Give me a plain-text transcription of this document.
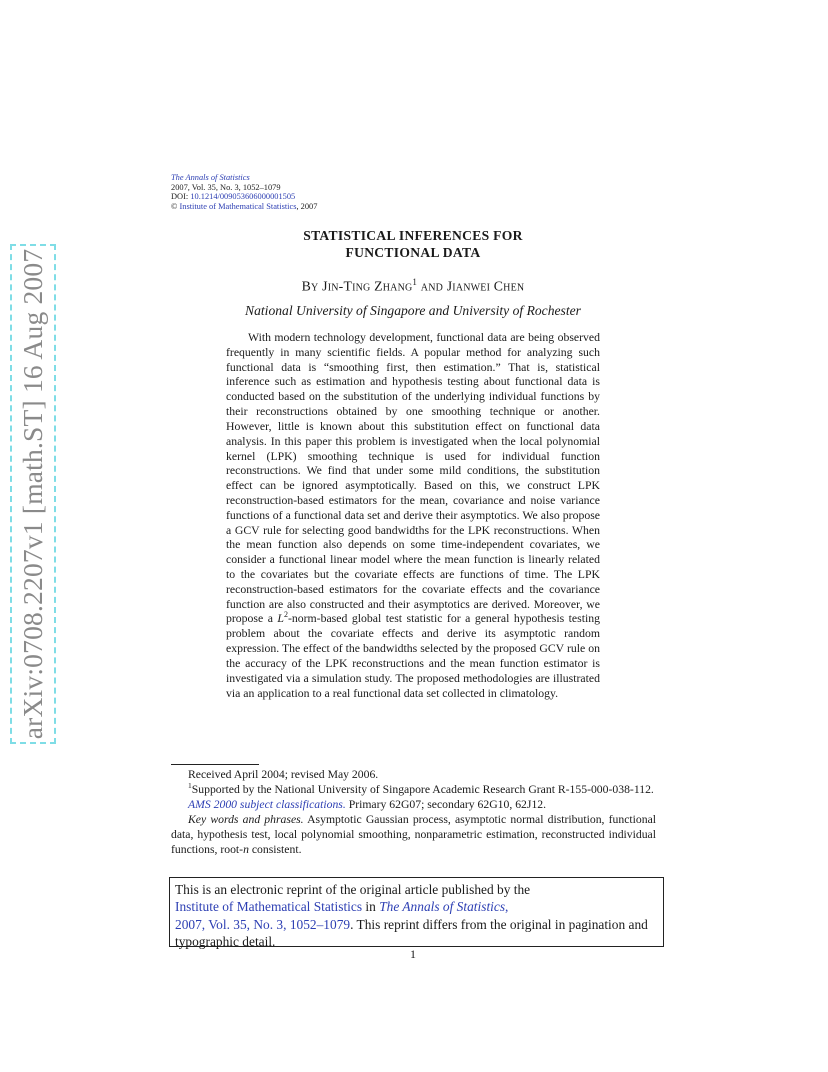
arXiv:0708.2207v1 [math.ST] 16 Aug 2007
The Annals of Statistics
2007, Vol. 35, No. 3, 1052–1079
DOI: 10.1214/009053606000001505
© Institute of Mathematical Statistics, 2007
STATISTICAL INFERENCES FOR
FUNCTIONAL DATA
By Jin-Ting Zhang$^1$ and Jianwei Chen
National University of Singapore and University of Rochester

With modern technology development, functional data are being observed frequently in many scientific fields. A popular method for analyzing such functional data is “smoothing first, then estimation.” That is, statistical inference such as estimation and hypothesis testing about functional data is conducted based on the substitution of the underlying individual functions by their reconstructions obtained by one smoothing technique or another. However, little is known about this substitution effect on functional data analysis. In this paper this problem is investigated when the local polynomial kernel (LPK) smoothing technique is used for individual function reconstructions. We find that under some mild conditions, the substitution effect can be ignored asymptotically. Based on this, we construct LPK reconstruction-based estimators for the mean, covariance and noise variance functions of a functional data set and derive their asymptotics. We also propose a GCV rule for selecting good bandwidths for the LPK reconstructions. When the mean function also depends on some time-independent covariates, we consider a functional linear model where the mean function is linearly related to the covariates but the covariate effects are functions of time. The LPK reconstruction-based estimators for the covariate effects and the covariance function are also constructed and their asymptotics are derived. Moreover, we propose a $L^2-norm$-based global test statistic for a general hypothesis testing problem about the covariate effects and derive its asymptotic random expression. The effect of the bandwidths selected by the proposed GCV rule on the accuracy of the LPK reconstructions and the mean function estimator is investigated via a simulation study. The proposed methodologies are illustrated via an application to a real functional data set collected in climatology.

Received April 2004; revised May 2006.

$^1$Supported by the National University of Singapore Academic Research Grant R-155-000-038-112.

AMS 2000 subject classifications. Primary 62G07; secondary 62G10, 62J12.

Key words and phrases. Asymptotic Gaussian process, asymptotic normal distribution, functional data, hypothesis test, local polynomial smoothing, nonparametric estimation, reconstructed individual functions, root-n consistent.

This is an electronic reprint of the original article published by the
Institute of Mathematical Statistics in The Annals of Statistics,
2007, Vol. 35, No. 3, 1052–1079. This reprint differs from the original in pagination and typographic detail.
1
